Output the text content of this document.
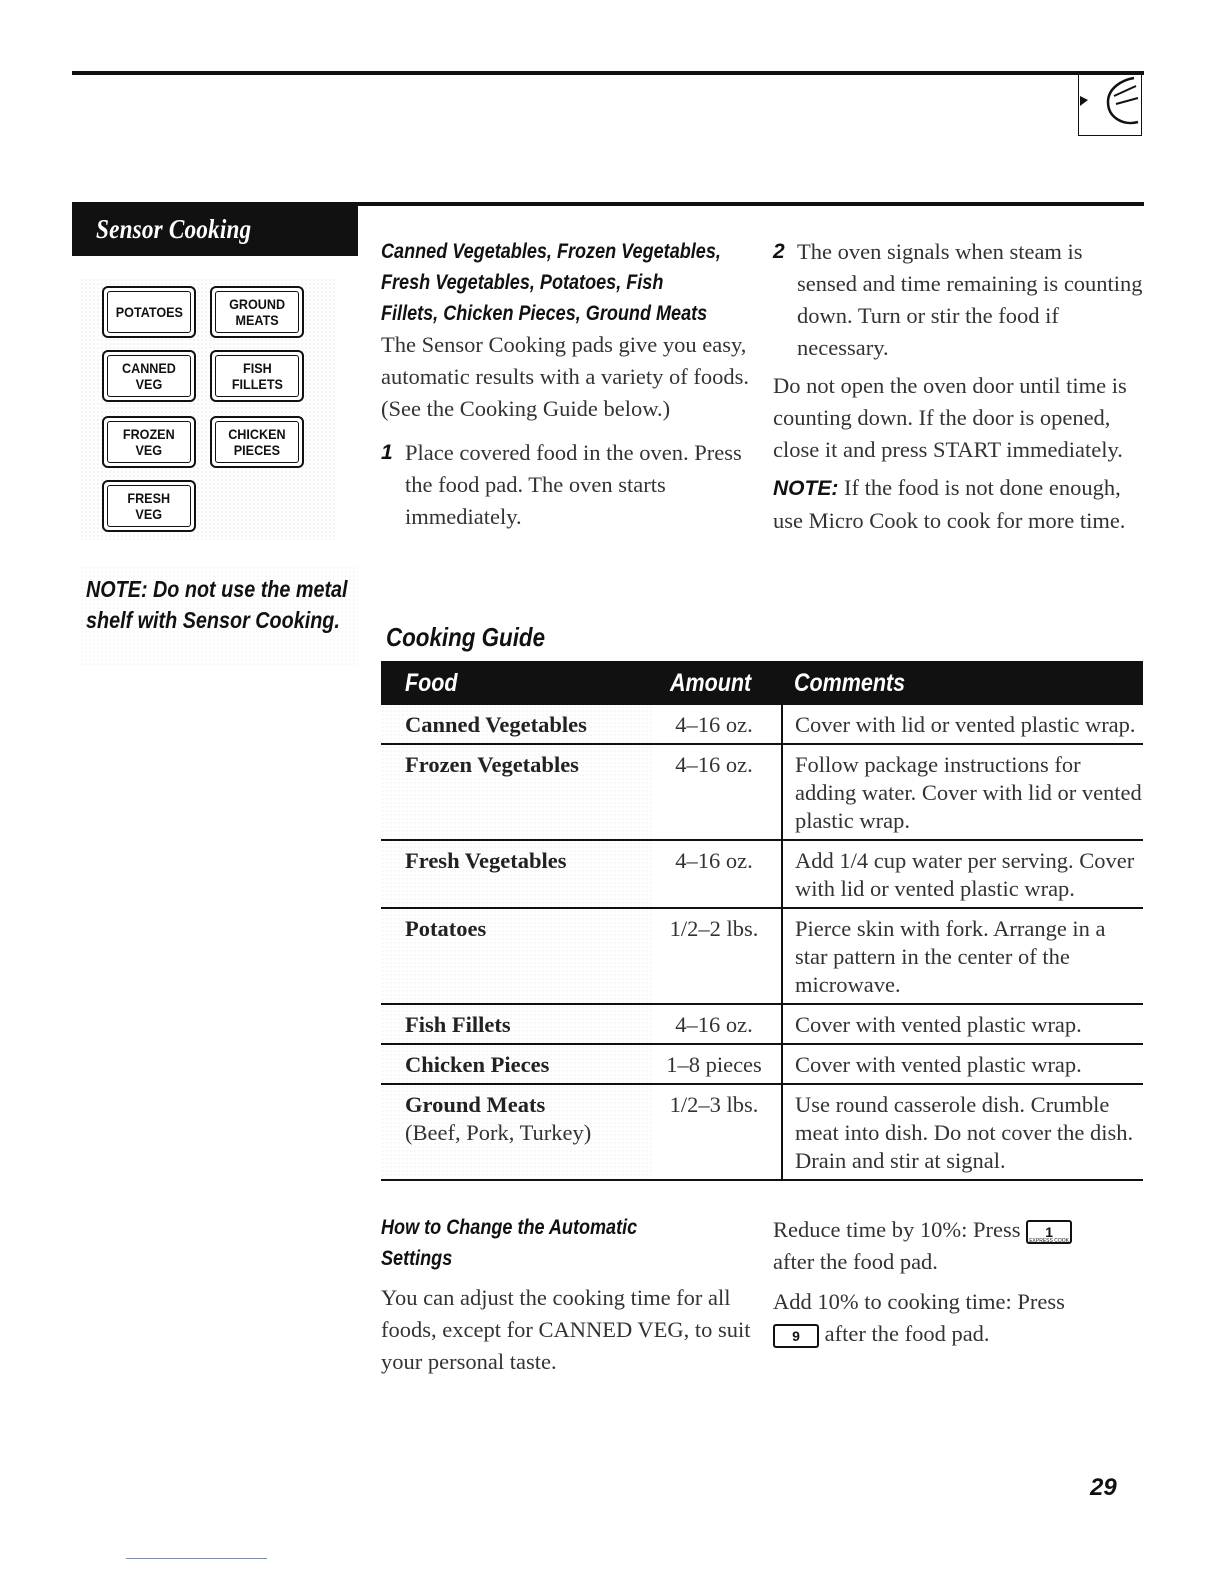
Sensor Cooking
POTATOES	GROUND
MEATS
CANNED
VEG
FISH
FILLETS
FROZEN
VEG
CHICKEN
PIECES
FRESH
VEG

NOTE: Do not use the metal shelf with Sensor Cooking.

Canned Vegetables, Frozen Vegetables,
Fresh Vegetables, Potatoes, Fish
Fillets, Chicken Pieces, Ground Meats
The Sensor Cooking pads give you easy, automatic results with a variety of foods. (See the Cooking Guide below.)
1 Place covered food in the oven. Press the food pad. The oven starts immediately.
2 The oven signals when steam is sensed and time remaining is counting down. Turn or stir the food if necessary.
Do not open the oven door until time is counting down. If the door is opened, close it and press START immediately.
NOTE: If the food is not done enough, use Micro Cook to cook for more time.
Cooking Guide
Food	Amount	Comments
Canned Vegetables	4–16 oz.	Cover with lid or vented plastic wrap.
Frozen Vegetables	4–16 oz.	Follow package instructions for adding water. Cover with lid or vented plastic wrap.
Fresh Vegetables	4–16 oz.	Add 1/4 cup water per serving. Cover with lid or vented plastic wrap.
Potatoes	1/2–2 lbs.	Pierce skin with fork. Arrange in a star pattern in the center of the microwave.
Fish Fillets	4–16 oz.	Cover with vented plastic wrap.
Chicken Pieces	1–8 pieces	Cover with vented plastic wrap.

Ground Meats
(Beef, Pork, Turkey)	1/2–3 lbs.	Use round casserole dish. Crumble meat into dish. Do not cover the dish. Drain and stir at signal.
How to Change the Automatic
Settings
You can adjust the cooking time for all foods, except for CANNED VEG, to suit your personal taste.
Reduce time by 10%: Press 1
EXPRESS COOK

after the food pad.
Add 10% to cooking time: Press
9 after the food pad.
29
